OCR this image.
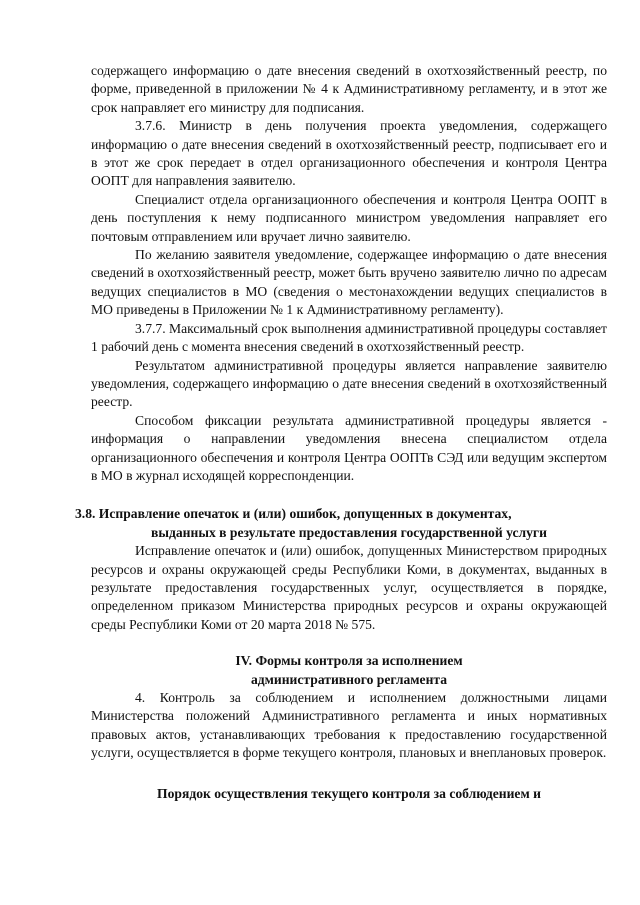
содержащего информацию о дате внесения сведений в охотхозяйственный реестр, по форме, приведенной в приложении № 4 к Административному регламенту, и в этот же срок направляет его министру для подписания.

3.7.6. Министр в день получения проекта уведомления, содержащего информацию о дате внесения сведений в охотхозяйственный реестр, подписывает его и в этот же срок передает в отдел организационного обеспечения и контроля Центра ООПТ для направления заявителю.

Специалист отдела организационного обеспечения и контроля Центра ООПТ в день поступления к нему подписанного министром уведомления направляет его почтовым отправлением или вручает лично заявителю.

По желанию заявителя уведомление, содержащее информацию о дате внесения сведений в охотхозяйственный реестр, может быть вручено заявителю лично по адресам ведущих специалистов в МО (сведения о местонахождении ведущих специалистов в МО приведены в Приложении № 1 к Административному регламенту).

3.7.7. Максимальный срок выполнения административной процедуры составляет 1 рабочий день с момента внесения сведений в охотхозяйственный реестр.

Результатом административной процедуры является направление заявителю уведомления, содержащего информацию о дате внесения сведений в охотхозяйственный реестр.

Способом фиксации результата административной процедуры является - информация о направлении уведомления внесена специалистом отдела организационного обеспечения и контроля Центра ООПТв СЭД или ведущим экспертом в МО в журнал исходящей корреспонденции.

3.8. Исправление опечаток и (или) ошибок, допущенных в документах,
выданных в результате предоставления государственной услуги

Исправление опечаток и (или) ошибок, допущенных Министерством природных ресурсов и охраны окружающей среды Республики Коми, в документах, выданных в результате предоставления государственных услуг, осуществляется в порядке, определенном приказом Министерства природных ресурсов и охраны окружающей среды Республики Коми от 20 марта 2018 № 575.

IV. Формы контроля за исполнением
административного регламента

4. Контроль за соблюдением и исполнением должностными лицами Министерства положений Административного регламента и иных нормативных правовых актов, устанавливающих требования к предоставлению государственной услуги, осуществляется в форме текущего контроля, плановых и внеплановых проверок.

Порядок осуществления текущего контроля за соблюдением и
